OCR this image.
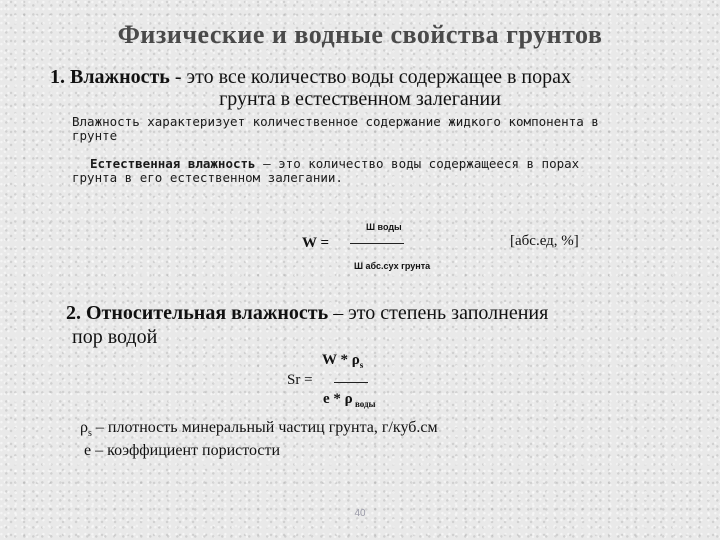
Физические и водные свойства грунтов

1. Влажность - это все количество воды содержащее в порах

грунта в естественном залегании

Влажность характеризует количественное содержание жидкого компонента в

грунте

Естественная влажность – это количество воды содержащееся в порах

грунта в его естественном залегании.

Ш воды
W =	[абс.ед, %]
Ш абс.сух грунта

2. Относительная влажность – это степень заполнения

пор водой

W * $\rho_s$
Sr =
e * ρ $_{воды}$

$\rho_s$ – плотность минеральный частиц грунта, г/куб.см

e – коэффициент пористости

40
